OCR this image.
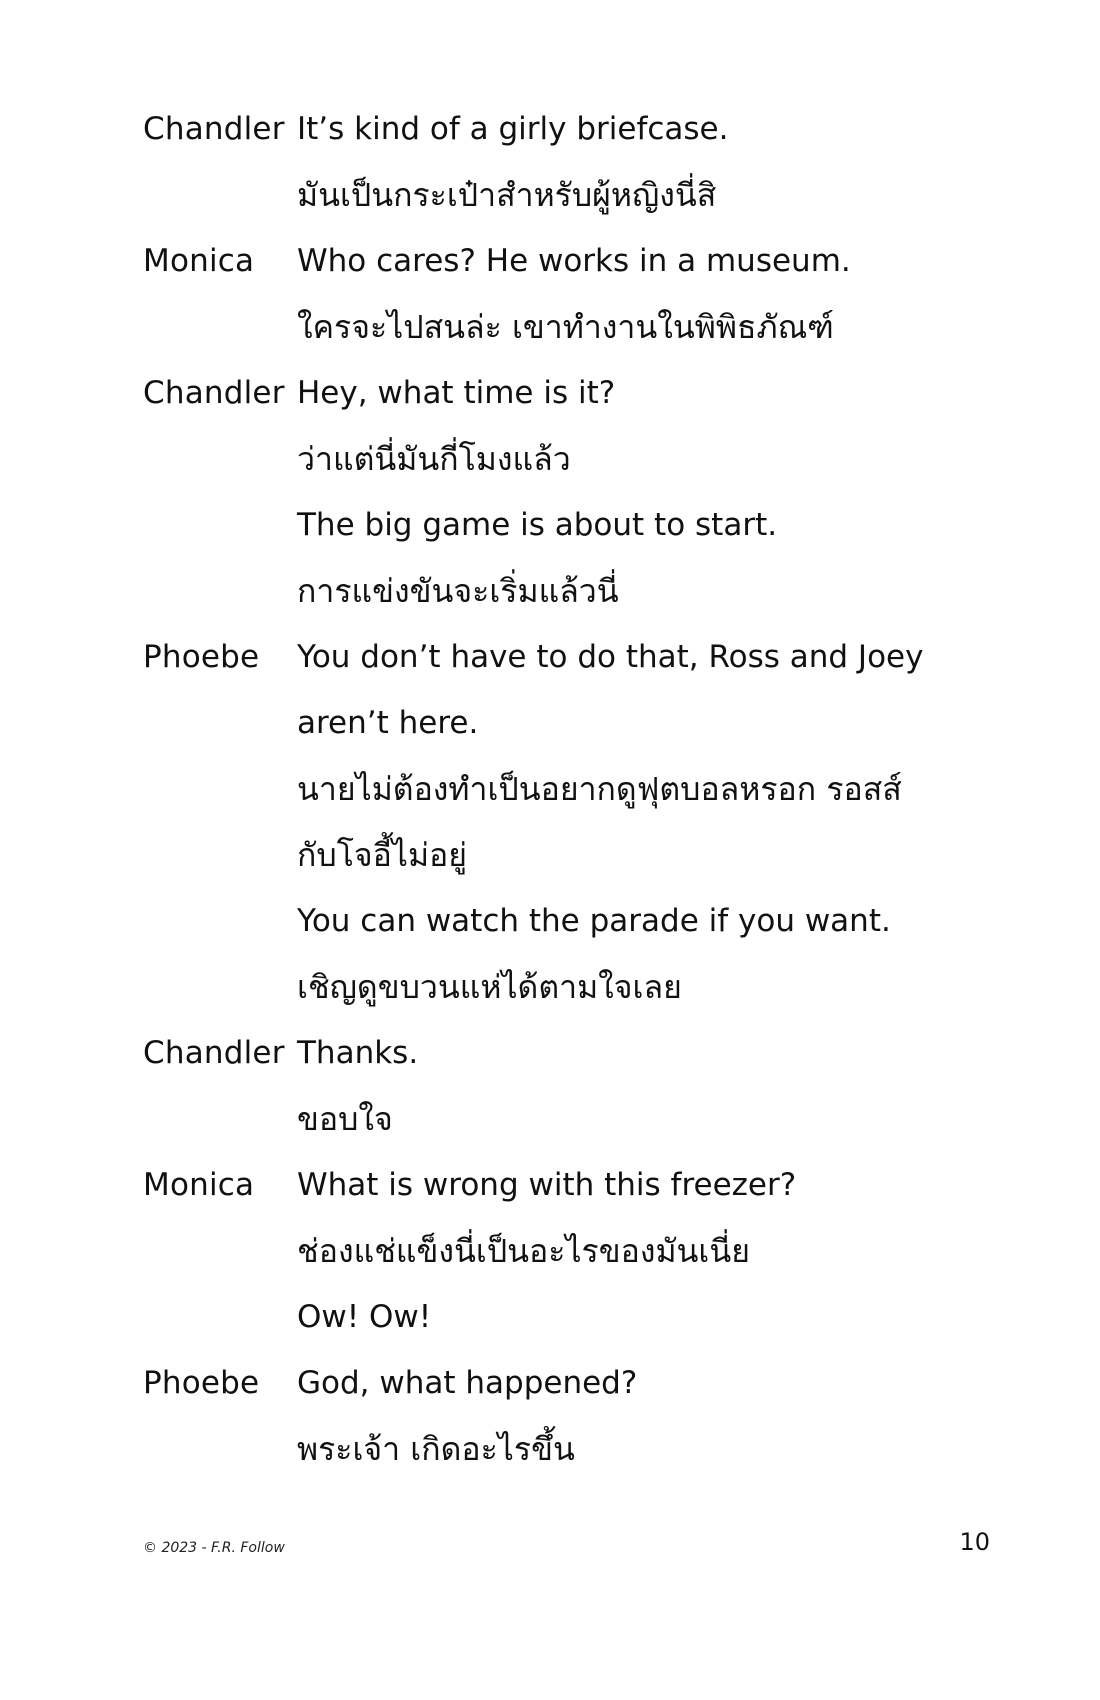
Chandler It’s kind of a girly briefcase.
มันเป็นกระเป๋าสำหรับผู้หญิงนี่สิ
Monica	Who cares? He works in a museum.
ใครจะไปสนล่ะ เขาทำงานในพิพิธภัณฑ์
Chandler Hey, what time is it?
ว่าแต่นี่มันกี่โมงแล้ว
The big game is about to start.
การแข่งขันจะเริ่มแล้วนี่
Phoebe	You don’t have to do that, Ross and Joey
aren’t here.
นายไม่ต้องทำเป็นอยากดูฟุตบอลหรอก รอสส์
กับโจอี้ไม่อยู่
You can watch the parade if you want.
เชิญดูขบวนแห่ได้ตามใจเลย
Chandler Thanks.
ขอบใจ
Monica	What is wrong with this freezer?
ช่องแช่แข็งนี่เป็นอะไรของมันเนี่ย
Ow! Ow!
Phoebe	God, what happened?
พระเจ้า เกิดอะไรขึ้น
© 2023 - F.R. Follow	10
